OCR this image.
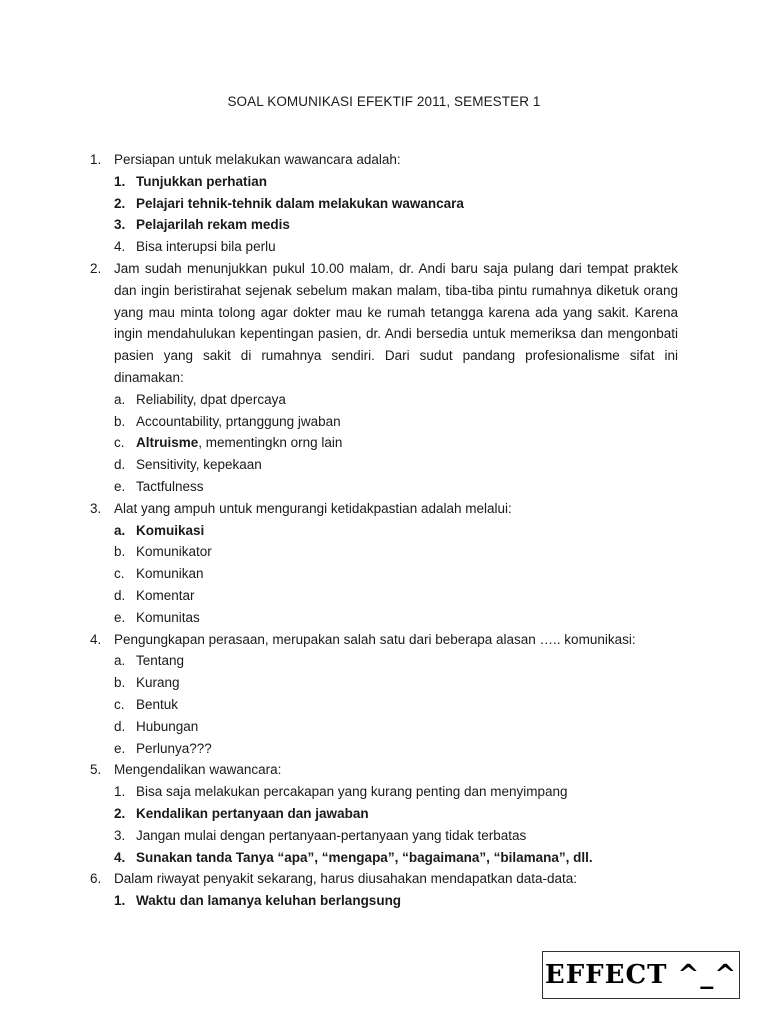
SOAL KOMUNIKASI EFEKTIF 2011, SEMESTER 1
1. Persiapan untuk melakukan wawancara adalah:
1. Tunjukkan perhatian
2. Pelajari tehnik-tehnik dalam melakukan wawancara
3. Pelajarilah rekam medis
4. Bisa interupsi bila perlu
2. Jam sudah menunjukkan pukul 10.00 malam, dr. Andi baru saja pulang dari tempat praktek dan ingin beristirahat sejenak sebelum makan malam, tiba-tiba pintu rumahnya diketuk orang yang mau minta tolong agar dokter mau ke rumah tetangga karena ada yang sakit. Karena ingin mendahulukan kepentingan pasien, dr. Andi bersedia untuk memeriksa dan mengonbati pasien yang sakit di rumahnya sendiri. Dari sudut pandang profesionalisme sifat ini dinamakan:
a. Reliability, dpat dpercaya
b. Accountability, prtanggung jwaban
c. Altruisme , mementingkn orng lain
d. Sensitivity, kepekaan
e. Tactfulness
3. Alat yang ampuh untuk mengurangi ketidakpastian adalah melalui:
a. Komuikasi
b. Komunikator
c. Komunikan
d. Komentar
e. Komunitas
4. Pengungkapan perasaan, merupakan salah satu dari beberapa alasan ….. komunikasi:
a. Tentang
b. Kurang
c. Bentuk
d. Hubungan
e. Perlunya???
5. Mengendalikan wawancara:
1. Bisa saja melakukan percakapan yang kurang penting dan menyimpang
2. Kendalikan pertanyaan dan jawaban
3. Jangan mulai dengan pertanyaan-pertanyaan yang tidak terbatas
4. Sunakan tanda Tanya “apa”, “mengapa”, “bagaimana”, “bilamana”, dll.
6. Dalam riwayat penyakit sekarang, harus diusahakan mendapatkan data-data:
1. Waktu dan lamanya keluhan berlangsung
EFFECT ^_^
